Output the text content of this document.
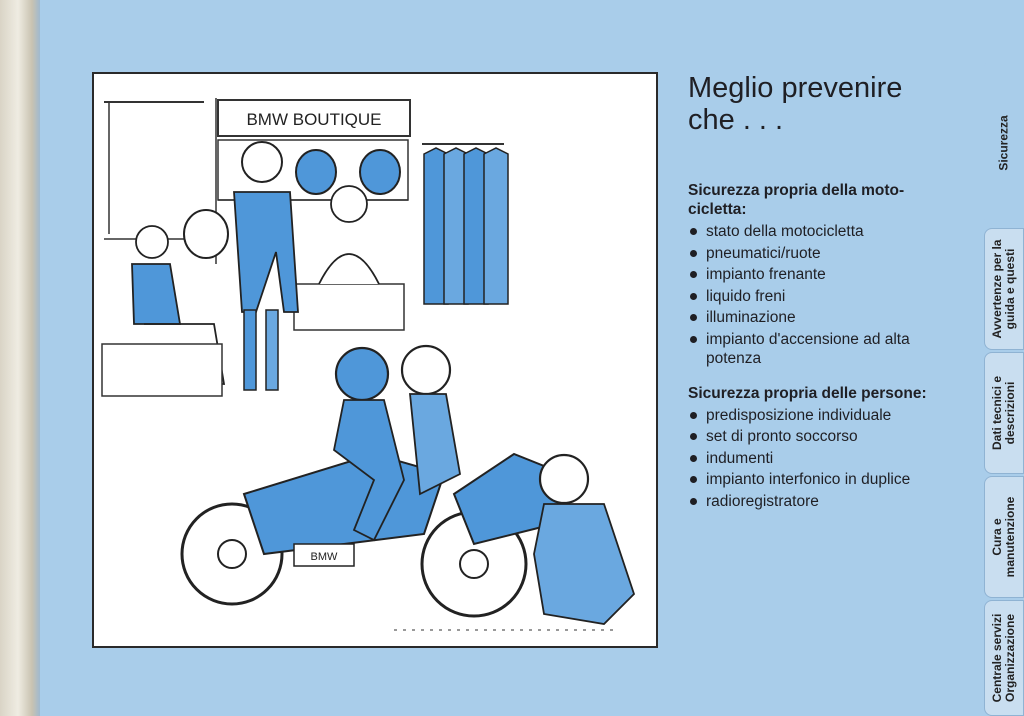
BMW BOUTIQUE
BMW
Meglio prevenire
che . . .

Sicurezza propria della moto-
cicletta:

stato della motocicletta
pneumatici/ruote
impianto frenante
liquido freni
illuminazione
impianto d'accensione ad alta potenza

Sicurezza propria delle persone:

predisposizione individuale
set di pronto soccorso
indumenti
impianto interfonico in duplice
radioregistratore
Sicurezza
Avvertenze per la guida e questi
Dati tecnici e descrizioni
Cura e manutenzione
Centrale servizi Organizzazione
